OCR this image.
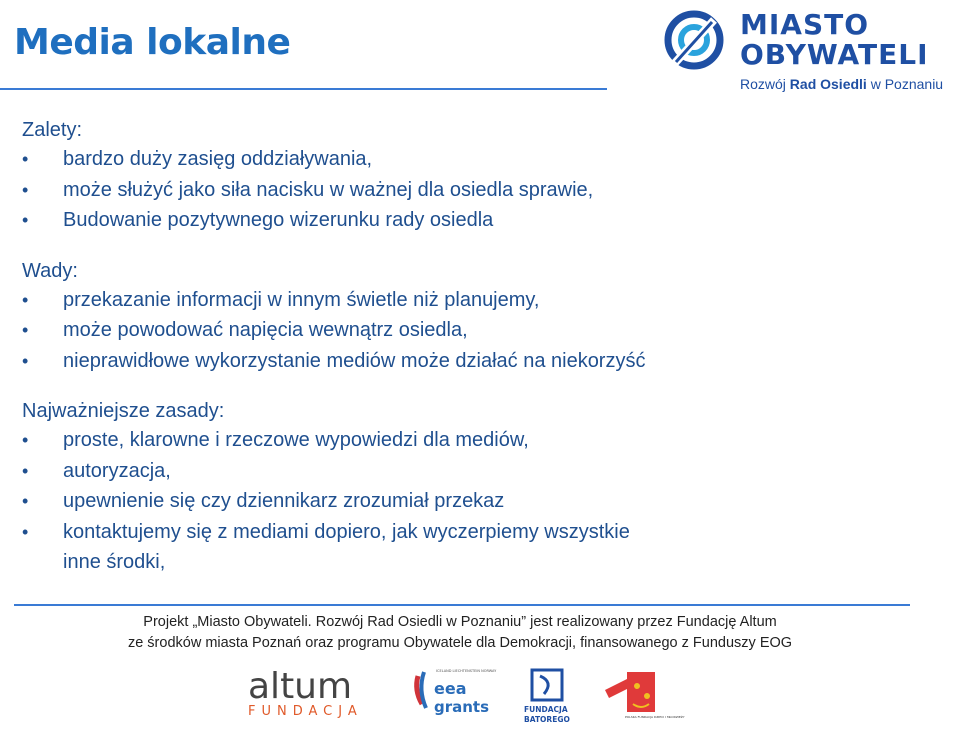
Media lokalne	MIASTO
OBYWATELI
Rozwój Rad Osiedli w Poznaniu
Zalety:
• bardzo duży zasięg oddziaływania,
• może służyć jako siła nacisku w ważnej dla osiedla sprawie,
• Budowanie pozytywnego wizerunku rady osiedla
Wady:
• przekazanie informacji w innym świetle niż planujemy,
• może powodować napięcia wewnątrz osiedla,
• nieprawidłowe wykorzystanie mediów może działać na niekorzyść
Najważniejsze zasady:
• proste, klarowne i rzeczowe wypowiedzi dla mediów,
• autoryzacja,
• upewnienie się czy dziennikarz zrozumiał przekaz
• kontaktujemy się z mediami dopiero, jak wyczerpiemy wszystkie inne środki,
Projekt „Miasto Obywateli. Rozwój Rad Osiedli w Poznaniu” jest realizowany przez Fundację Altum
ze środków miasta Poznań oraz programu Obywatele dla Demokracji, finansowanego z Funduszy EOG
altum
FUNDACJA
ICELAND LIECHTENSTEIN NORWAY
eea
grants	FUNDACJA
BATOREGO	POLSKA FUNDACJA DZIECI I MŁODZIEŻY
